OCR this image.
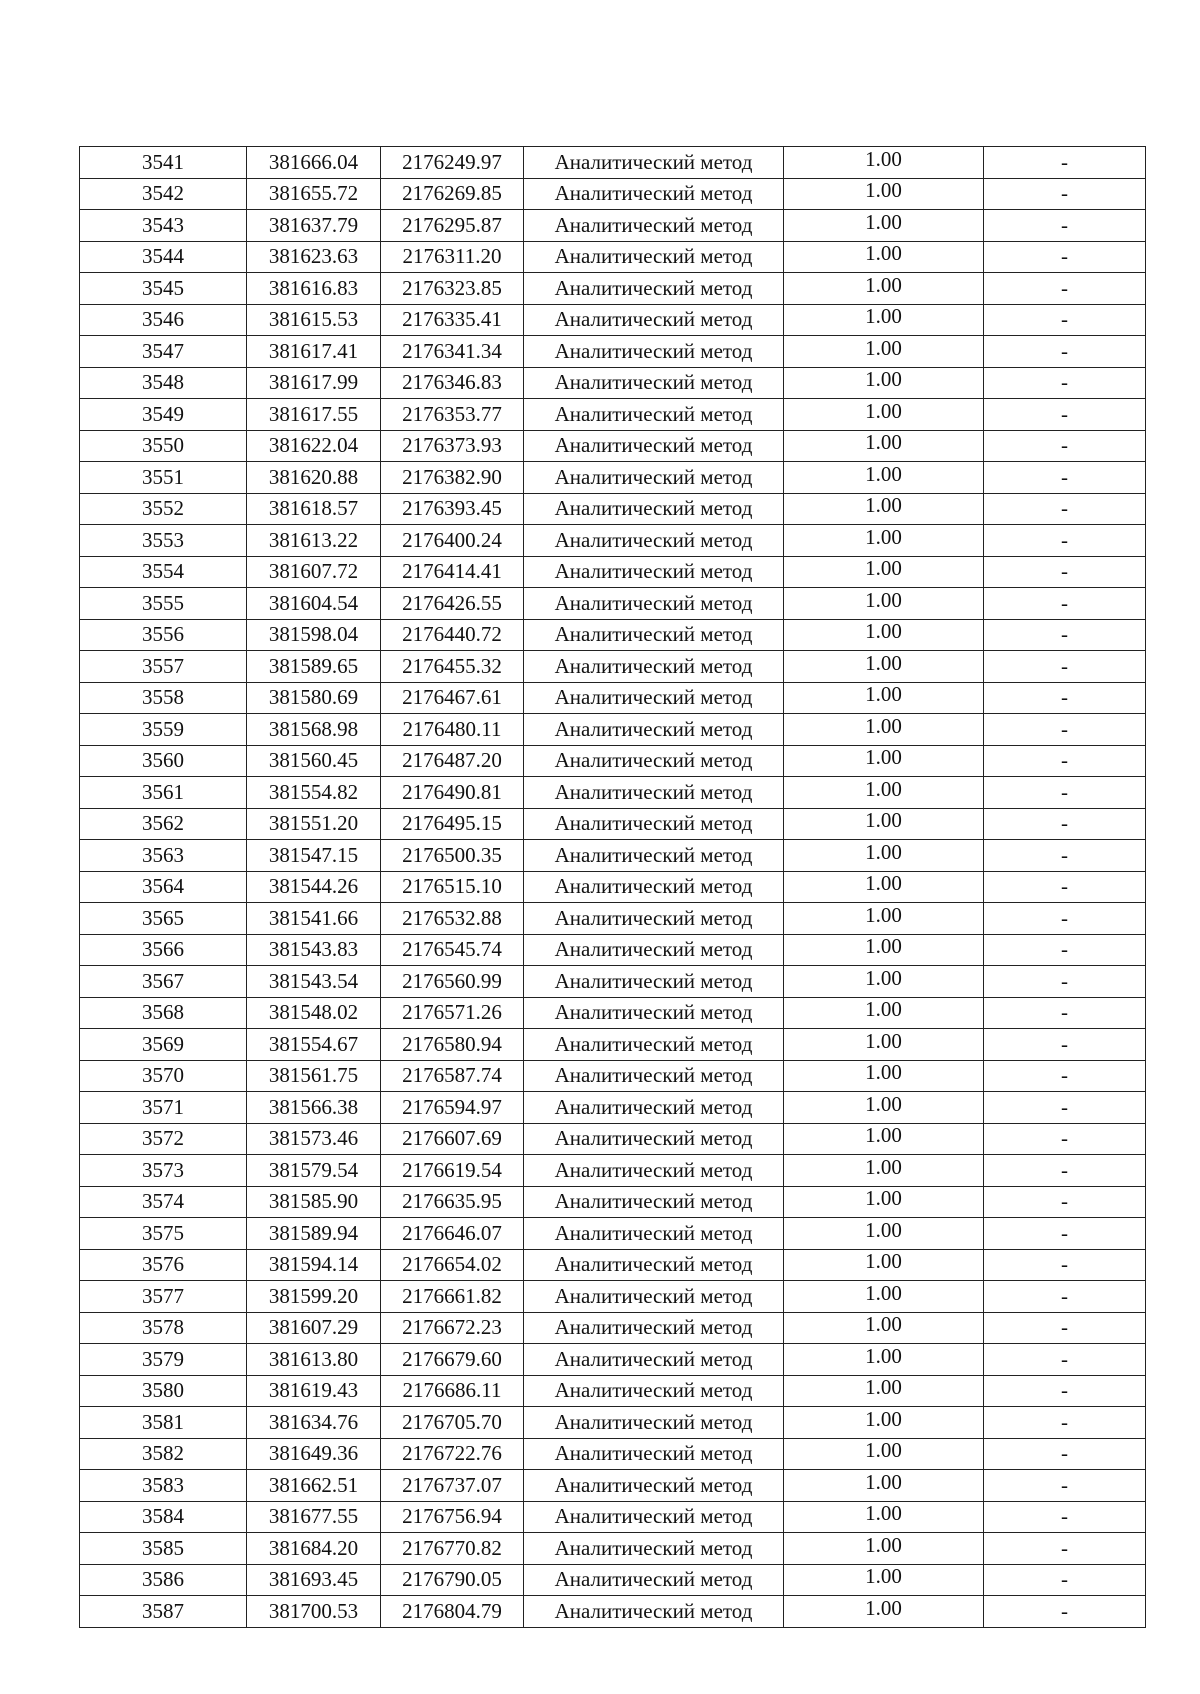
3541	381666.04	2176249.97	Аналитический метод	1.00	-
3542	381655.72	2176269.85	Аналитический метод	1.00	-
3543	381637.79	2176295.87	Аналитический метод	1.00	-
3544	381623.63	2176311.20	Аналитический метод	1.00	-
3545	381616.83	2176323.85	Аналитический метод	1.00	-
3546	381615.53	2176335.41	Аналитический метод	1.00	-
3547	381617.41	2176341.34	Аналитический метод	1.00	-
3548	381617.99	2176346.83	Аналитический метод	1.00	-
3549	381617.55	2176353.77	Аналитический метод	1.00	-
3550	381622.04	2176373.93	Аналитический метод	1.00	-
3551	381620.88	2176382.90	Аналитический метод	1.00	-
3552	381618.57	2176393.45	Аналитический метод	1.00	-
3553	381613.22	2176400.24	Аналитический метод	1.00	-
3554	381607.72	2176414.41	Аналитический метод	1.00	-
3555	381604.54	2176426.55	Аналитический метод	1.00	-
3556	381598.04	2176440.72	Аналитический метод	1.00	-
3557	381589.65	2176455.32	Аналитический метод	1.00	-
3558	381580.69	2176467.61	Аналитический метод	1.00	-
3559	381568.98	2176480.11	Аналитический метод	1.00	-
3560	381560.45	2176487.20	Аналитический метод	1.00	-
3561	381554.82	2176490.81	Аналитический метод	1.00	-
3562	381551.20	2176495.15	Аналитический метод	1.00	-
3563	381547.15	2176500.35	Аналитический метод	1.00	-
3564	381544.26	2176515.10	Аналитический метод	1.00	-
3565	381541.66	2176532.88	Аналитический метод	1.00	-
3566	381543.83	2176545.74	Аналитический метод	1.00	-
3567	381543.54	2176560.99	Аналитический метод	1.00	-
3568	381548.02	2176571.26	Аналитический метод	1.00	-
3569	381554.67	2176580.94	Аналитический метод	1.00	-
3570	381561.75	2176587.74	Аналитический метод	1.00	-
3571	381566.38	2176594.97	Аналитический метод	1.00	-
3572	381573.46	2176607.69	Аналитический метод	1.00	-
3573	381579.54	2176619.54	Аналитический метод	1.00	-
3574	381585.90	2176635.95	Аналитический метод	1.00	-
3575	381589.94	2176646.07	Аналитический метод	1.00	-
3576	381594.14	2176654.02	Аналитический метод	1.00	-
3577	381599.20	2176661.82	Аналитический метод	1.00	-
3578	381607.29	2176672.23	Аналитический метод	1.00	-
3579	381613.80	2176679.60	Аналитический метод	1.00	-
3580	381619.43	2176686.11	Аналитический метод	1.00	-
3581	381634.76	2176705.70	Аналитический метод	1.00	-
3582	381649.36	2176722.76	Аналитический метод	1.00	-
3583	381662.51	2176737.07	Аналитический метод	1.00	-
3584	381677.55	2176756.94	Аналитический метод	1.00	-
3585	381684.20	2176770.82	Аналитический метод	1.00	-
3586	381693.45	2176790.05	Аналитический метод	1.00	-
3587	381700.53	2176804.79	Аналитический метод	1.00	-
